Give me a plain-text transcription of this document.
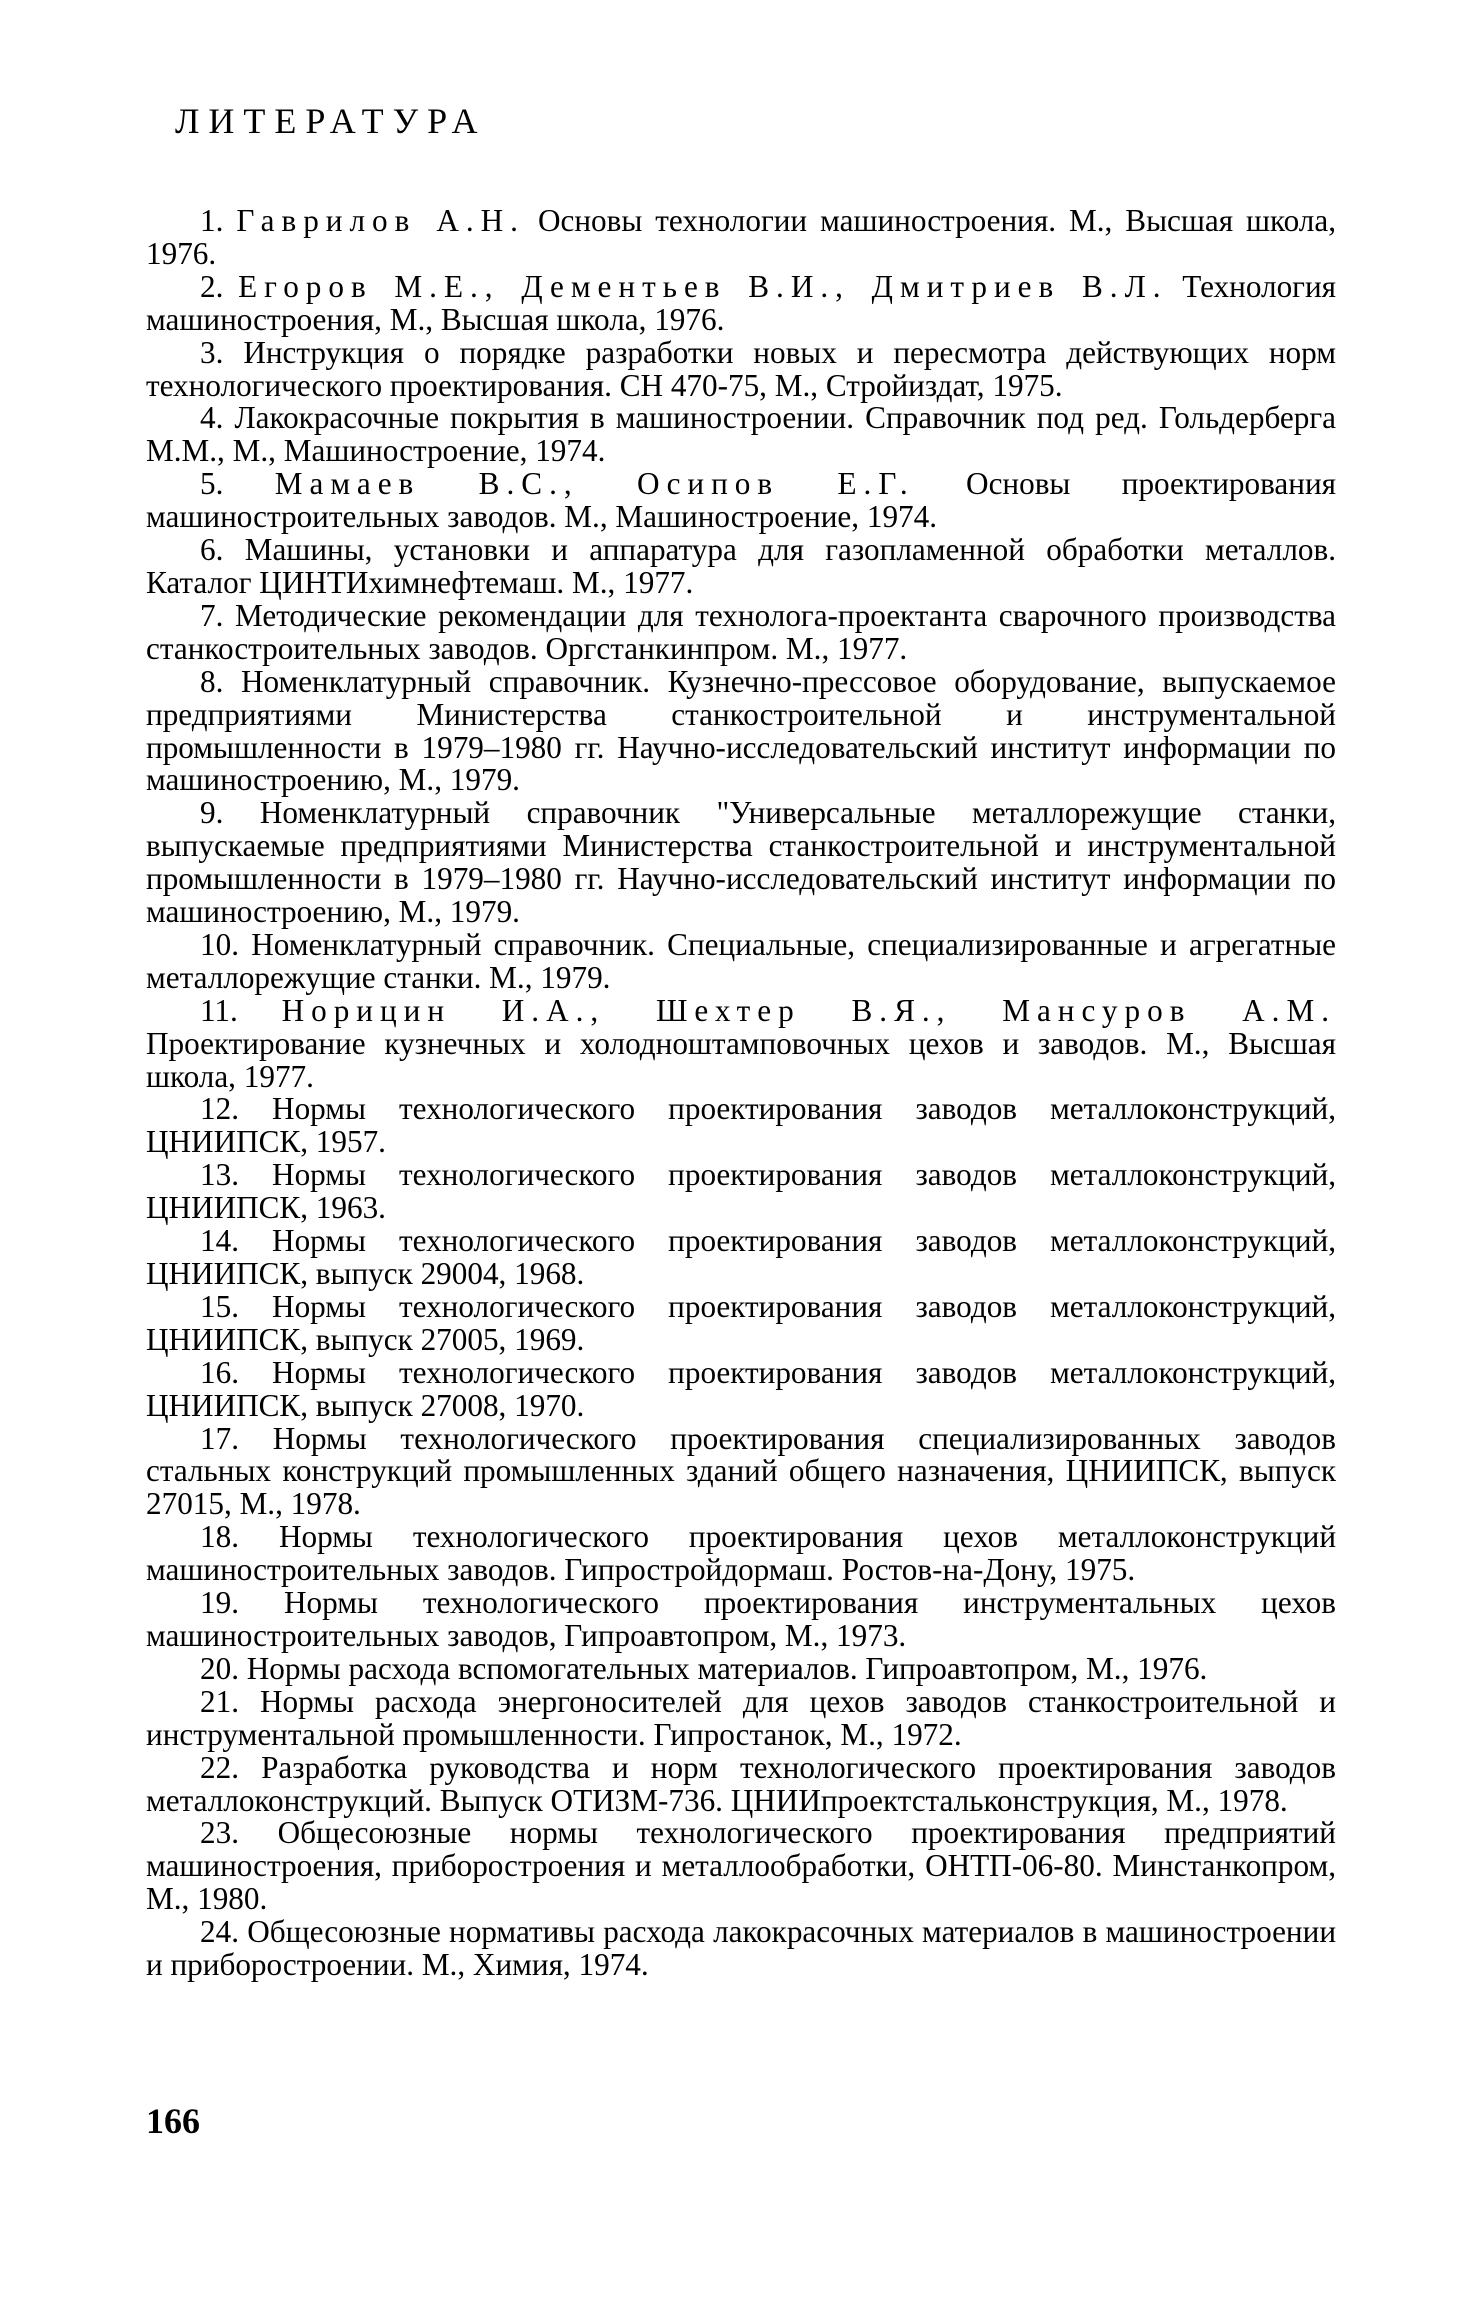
ЛИТЕРАТУРА
1. Гаврилов А.Н. Основы технологии машиностроения. М., Высшая школа, 1976.
2. Егоров М.Е., Дементьев В.И., Дмитриев В.Л. Технология машиностроения, М., Высшая школа, 1976.
3. Инструкция о порядке разработки новых и пересмотра действующих норм технологического проектирования. СН 470-75, М., Стройиздат, 1975.
4. Лакокрасочные покрытия в машиностроении. Справочник под ред. Гольдерберга М.М., М., Машиностроение, 1974.
5. Мамаев В.С., Осипов Е.Г. Основы проектирования машиностроительных заводов. М., Машиностроение, 1974.
6. Машины, установки и аппаратура для газопламенной обработки металлов. Каталог ЦИНТИхимнефтемаш. М., 1977.
7. Методические рекомендации для технолога-проектанта сварочного производства станкостроительных заводов. Оргстанкинпром. М., 1977.
8. Номенклатурный справочник. Кузнечно-прессовое оборудование, выпускаемое предприятиями Министерства станкостроительной и инструментальной промышленности в 1979–1980 гг. Научно-исследовательский институт информации по машиностроению, М., 1979.
9. Номенклатурный справочник "Универсальные металлорежущие станки, выпускаемые предприятиями Министерства станкостроительной и инструментальной промышленности в 1979–1980 гг. Научно-исследовательский институт информации по машиностроению, М., 1979.
10. Номенклатурный справочник. Специальные, специализированные и агрегатные металлорежущие станки. М., 1979.
11. Норицин И.А., Шехтер В.Я., Мансуров А.М. Проектирование кузнечных и холодноштамповочных цехов и заводов. М., Высшая школа, 1977.
12. Нормы технологического проектирования заводов металлоконструкций, ЦНИИПСК, 1957.
13. Нормы технологического проектирования заводов металлоконструкций, ЦНИИПСК, 1963.
14. Нормы технологического проектирования заводов металлоконструкций, ЦНИИПСК, выпуск 29004, 1968.
15. Нормы технологического проектирования заводов металлоконструкций, ЦНИИПСК, выпуск 27005, 1969.
16. Нормы технологического проектирования заводов металлоконструкций, ЦНИИПСК, выпуск 27008, 1970.
17. Нормы технологического проектирования специализированных заводов стальных конструкций промышленных зданий общего назначения, ЦНИИПСК, выпуск 27015, М., 1978.
18. Нормы технологического проектирования цехов металлоконструкций машиностроительных заводов. Гипростройдормаш. Ростов-на-Дону, 1975.
19. Нормы технологического проектирования инструментальных цехов машиностроительных заводов, Гипроавтопром, М., 1973.
20. Нормы расхода вспомогательных материалов. Гипроавтопром, М., 1976.
21. Нормы расхода энергоносителей для цехов заводов станкостроительной и инструментальной промышленности. Гипростанок, М., 1972.
22. Разработка руководства и норм технологического проектирования заводов металлоконструкций. Выпуск ОТИЗМ-736. ЦНИИпроектстальконструкция, М., 1978.
23. Общесоюзные нормы технологического проектирования предприятий машиностроения, приборостроения и металлообработки, ОНТП-06-80. Минстанкопром, М., 1980.
24. Общесоюзные нормативы расхода лакокрасочных материалов в машиностроении и приборостроении. М., Химия, 1974.
166
